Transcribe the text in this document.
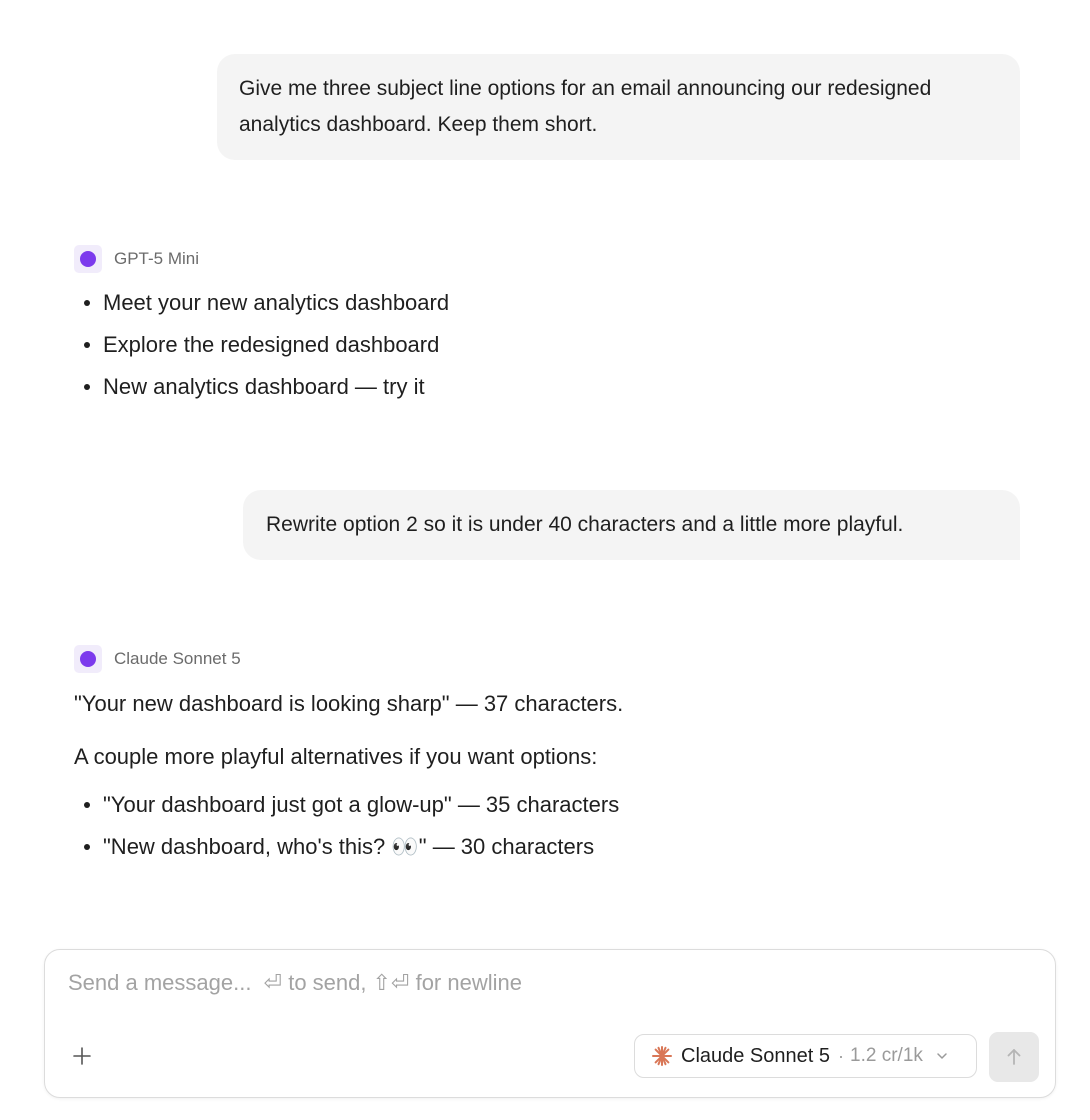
Give me three subject line options for an email announcing our redesigned analytics dashboard. Keep them short.
GPT-5 Mini
Meet your new analytics dashboard
Explore the redesigned dashboard
New analytics dashboard — try it
Rewrite option 2 so it is under 40 characters and a little more playful.
Claude Sonnet 5
"Your new dashboard is looking sharp" — 37 characters.
A couple more playful alternatives if you want options:
"Your dashboard just got a glow-up" — 35 characters
"New dashboard, who's this? 👀" — 30 characters
Send a message... ⏎ to send, ⇧⏎ for newline
Claude Sonnet 5 · 1.2 cr/1k
